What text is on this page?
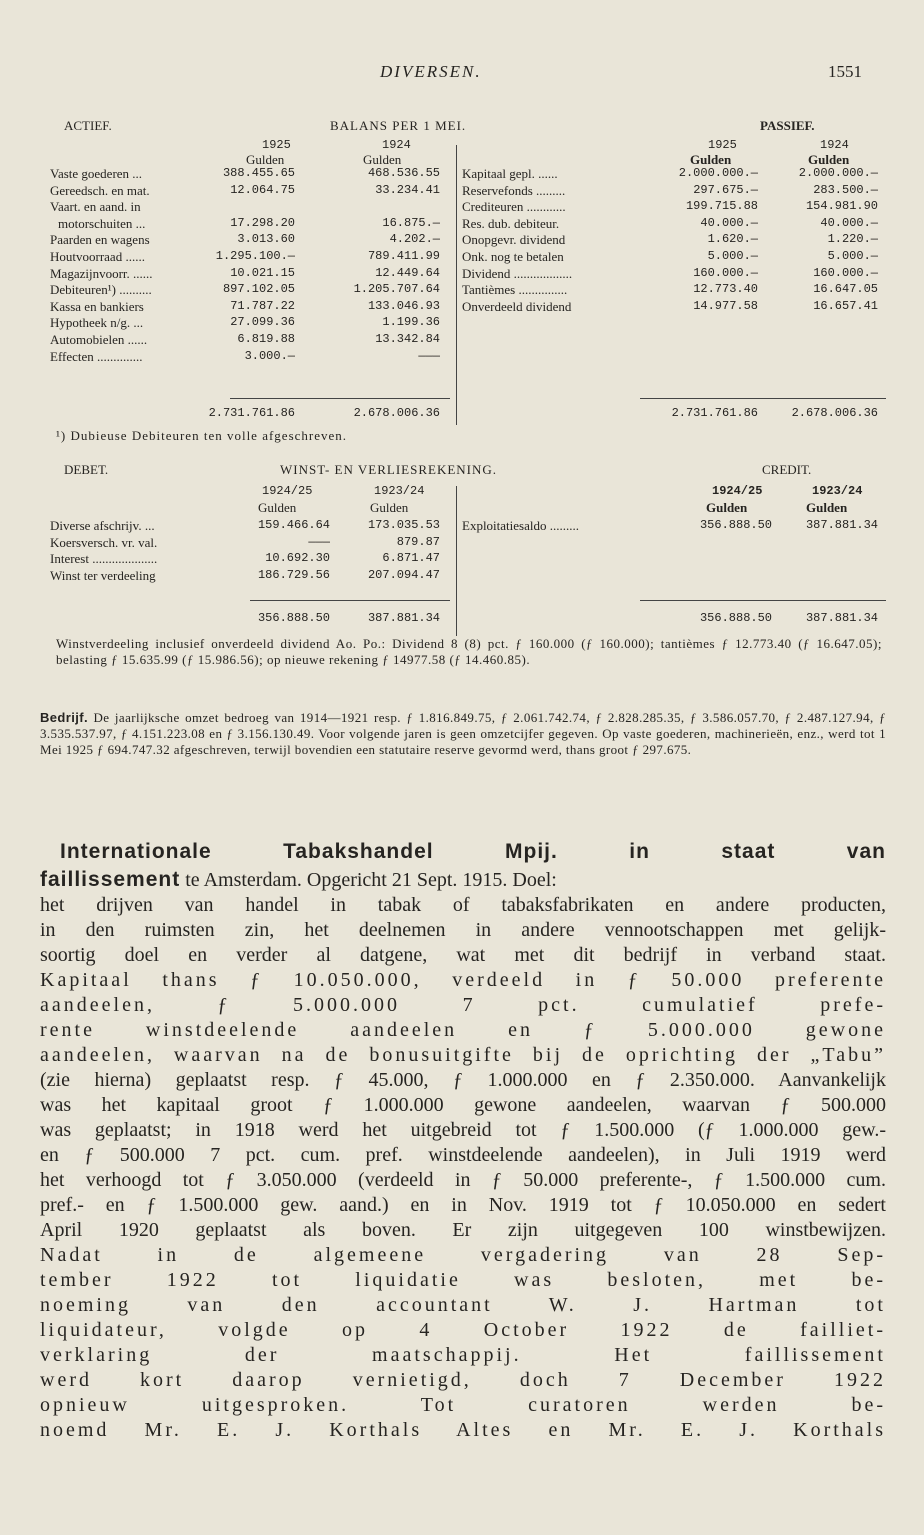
DIVERSEN.	1551
ACTIEF.	BALANS PER 1 MEI.	PASSIEF.
1925	1924
Gulden	Gulden
1925	1924
Gulden	Gulden
Vaste goederen ...	388.455.65	468.536.55
Gereedsch. en mat.	12.064.75	33.234.41
Vaart. en aand. in
motorschuiten ...	17.298.20	16.875.—
Paarden en wagens	3.013.60	4.202.—
Houtvoorraad ......	1.295.100.—	789.411.99
Magazijnvoorr. ......	10.021.15	12.449.64
Debiteuren¹) ..........	897.102.05	1.205.707.64
Kassa en bankiers	71.787.22	133.046.93
Hypotheek n/g. ...	27.099.36	1.199.36
Automobielen ......	6.819.88	13.342.84
Effecten ..............	3.000.—	———
Kapitaal gepl. ......	2.000.000.—	2.000.000.—
Reservefonds .........	297.675.—	283.500.—
Crediteuren ............	199.715.88	154.981.90
Res. dub. debiteur.	40.000.—	40.000.—
Onopgevr. dividend	1.620.—	1.220.—
Onk. nog te betalen	5.000.—	5.000.—
Dividend ..................	160.000.—	160.000.—
Tantièmes ...............	12.773.40	16.647.05
Onverdeeld dividend	14.977.58	16.657.41
2.731.761.86	2.678.006.36	2.731.761.86	2.678.006.36
¹) Dubieuse Debiteuren ten volle afgeschreven.
DEBET.	WINST- EN VERLIESREKENING.	CREDIT.
1924/25	1923/24
Gulden	Gulden
1924/25	1923/24
Gulden	Gulden
Diverse afschrijv. ...	159.466.64	173.035.53
Koersversch. vr. val.	———	879.87
Interest ....................	10.692.30	6.871.47
Winst ter verdeeling	186.729.56	207.094.47
Exploitatiesaldo .........	356.888.50	387.881.34
356.888.50	387.881.34	356.888.50	387.881.34
Winstverdeeling inclusief onverdeeld dividend Ao. Po.: Dividend 8 (8) pct. ƒ 160.000 (ƒ 160.000); tantièmes ƒ 12.773.40 (ƒ 16.647.05); belasting ƒ 15.635.99 (ƒ 15.986.56); op nieuwe rekening ƒ 14977.58 (ƒ 14.460.85).
Bedrijf. De jaarlijksche omzet bedroeg van 1914—1921 resp. ƒ 1.816.849.75, ƒ 2.061.742.74, ƒ 2.828.285.35, ƒ 3.586.057.70, ƒ 2.487.127.94, ƒ 3.535.537.97, ƒ 4.151.223.08 en ƒ 3.156.130.49. Voor volgende jaren is geen omzetcijfer gegeven. Op vaste goederen, machinerieën, enz., werd tot 1 Mei 1925 ƒ 694.747.32 afgeschreven, terwijl bovendien een statutaire reserve gevormd werd, thans groot ƒ 297.675.
Internationale Tabakshandel Mpij. in staat van
faillissement te Amsterdam. Opgericht 21 Sept. 1915. Doel:
het drijven van handel in tabak of tabaksfabrikaten en andere producten,
in den ruimsten zin, het deelnemen in andere vennootschappen met gelijk-
soortig doel en verder al datgene, wat met dit bedrijf in verband staat.
Kapitaal thans ƒ 10.050.000, verdeeld in ƒ 50.000 preferente
aandeelen, ƒ 5.000.000 7 pct. cumulatief prefe-
rente winstdeelende aandeelen en ƒ 5.000.000 gewone
aandeelen, waarvan na de bonusuitgifte bij de oprichting der „Tabu”
(zie hierna) geplaatst resp. ƒ 45.000, ƒ 1.000.000 en ƒ 2.350.000. Aanvankelijk
was het kapitaal groot ƒ 1.000.000 gewone aandeelen, waarvan ƒ 500.000
was geplaatst; in 1918 werd het uitgebreid tot ƒ 1.500.000 (ƒ 1.000.000 gew.-
en ƒ 500.000 7 pct. cum. pref. winstdeelende aandeelen), in Juli 1919 werd
het verhoogd tot ƒ 3.050.000 (verdeeld in ƒ 50.000 preferente-, ƒ 1.500.000 cum.
pref.- en ƒ 1.500.000 gew. aand.) en in Nov. 1919 tot ƒ 10.050.000 en sedert
April 1920 geplaatst als boven. Er zijn uitgegeven 100 winstbewijzen.
Nadat in de algemeene vergadering van 28 Sep-
tember 1922 tot liquidatie was besloten, met be-
noeming van den accountant W. J. Hartman tot
liquidateur, volgde op 4 October 1922 de failliet-
verklaring der maatschappij. Het faillissement
werd kort daarop vernietigd, doch 7 December 1922
opnieuw uitgesproken. Tot curatoren werden be-
noemd Mr. E. J. Korthals Altes en Mr. E. J. Korthals
